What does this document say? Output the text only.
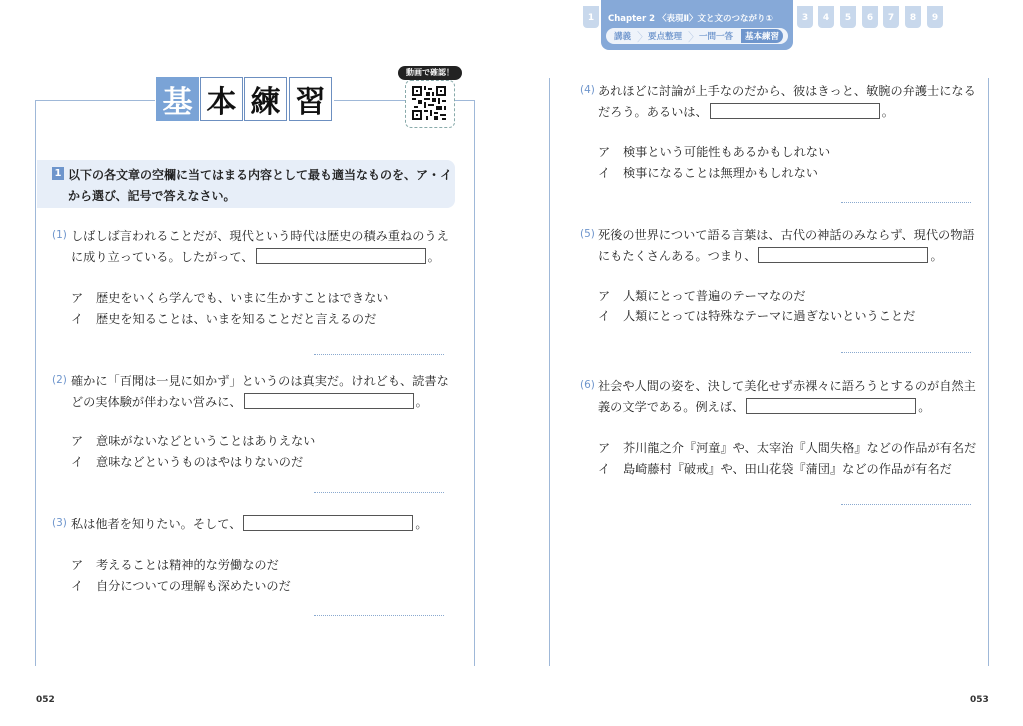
1	Chapter 2 〈表現Ⅱ〉文と文のつながり①
講義 〉
要点整理 〉
一問一答	基本練習
3	4	5	6	7	8	9
基 本 練 習
動画で確認！
1 以下の各文章の空欄に当てはまる内容として最も適当なものを、ア・イ
から選び、記号で答えなさい。
(1) しばしば言われることだが、現代という時代は歴史の積み重ねのうえ
に成り立っている。したがって、	。
ア 歴史をいくら学んでも、いまに生かすことはできない
イ 歴史を知ることは、いまを知ることだと言えるのだ
(2) 確かに「百聞は一見に如かず」というのは真実だ。けれども、読書な
どの実体験が伴わない営みに、	。
ア 意味がないなどということはありえない
イ 意味などというものはやはりないのだ
(3) 私は他者を知りたい。そして、	。
ア 考えることは精神的な労働なのだ
イ 自分についての理解も深めたいのだ
(4) あれほどに討論が上手なのだから、彼はきっと、敏腕の弁護士になる
だろう。あるいは、	。
ア 検事という可能性もあるかもしれない
イ 検事になることは無理かもしれない
(5) 死後の世界について語る言葉は、古代の神話のみならず、現代の物語
にもたくさんある。つまり、	。
ア 人類にとって普遍のテーマなのだ
イ 人類にとっては特殊なテーマに過ぎないということだ
(6) 社会や人間の姿を、決して美化せず赤裸々に語ろうとするのが自然主
義の文学である。例えば、	。
ア 芥川龍之介『河童』や、太宰治『人間失格』などの作品が有名だ
イ 島崎藤村『破戒』や、田山花袋『蒲団』などの作品が有名だ
052	053
